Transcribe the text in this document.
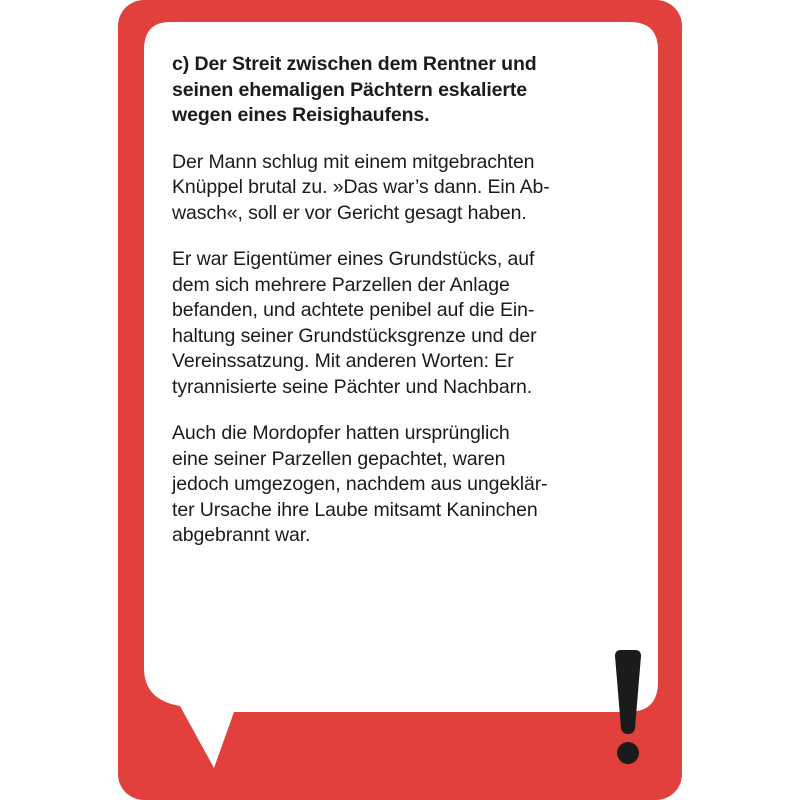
c) Der Streit zwischen dem Rentner und
seinen ehemaligen Pächtern eskalierte
wegen eines Reisighaufens.
Der Mann schlug mit einem mitgebrachten
Knüppel brutal zu. »Das war’s dann. Ein Ab-
wasch«, soll er vor Gericht gesagt haben.
Er war Eigentümer eines Grundstücks, auf
dem sich mehrere Parzellen der Anlage
befanden, und achtete penibel auf die Ein-
haltung seiner Grundstücksgrenze und der
Vereinssatzung. Mit anderen Worten: Er
tyrannisierte seine Pächter und Nachbarn.
Auch die Mordopfer hatten ursprünglich
eine seiner Parzellen gepachtet, waren
jedoch umgezogen, nachdem aus ungeklär-
ter Ursache ihre Laube mitsamt Kaninchen
abgebrannt war.
